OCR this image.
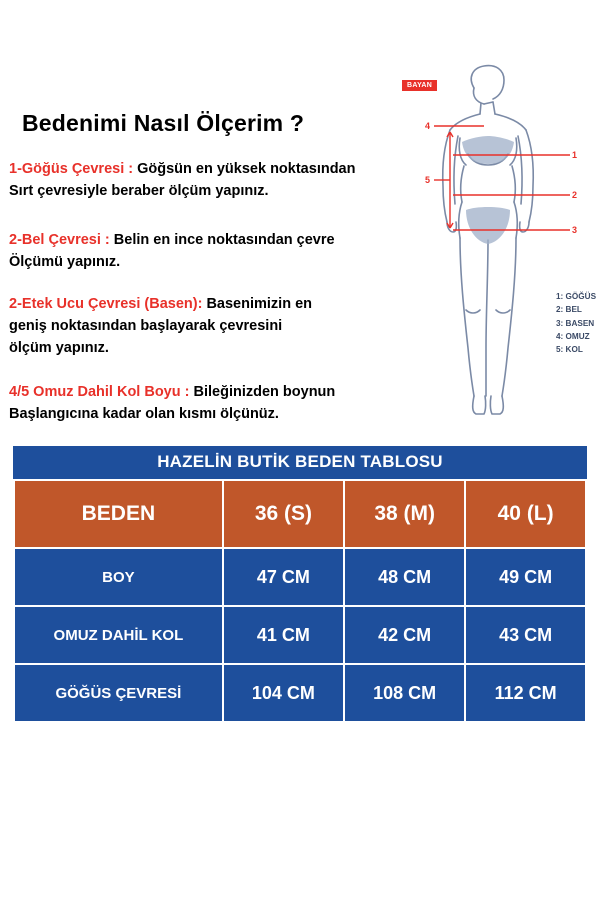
Bedenimi Nasıl Ölçerim ?
1-Göğüs Çevresi : Göğsün en yüksek noktasından
Sırt çevresiyle beraber ölçüm yapınız.
2-Bel Çevresi : Belin en ince noktasından çevre
Ölçümü yapınız.
2-Etek Ucu Çevresi (Basen): Basenimizin en
geniş noktasından başlayarak çevresini
ölçüm yapınız.
4/5 Omuz Dahil Kol Boyu : Bileğinizden boynun
Başlangıcına kadar olan kısmı ölçünüz.
BAYAN
1
2
3
4
5
1: GÖĞÜS
2: BEL
3: BASEN
4: OMUZ
5: KOL
HAZELİN BUTİK BEDEN TABLOSU
BEDEN	36 (S)	38 (M)	40 (L)
BOY	47 CM	48 CM	49 CM
OMUZ DAHİL KOL	41 CM	42 CM	43 CM
GÖĞÜS ÇEVRESİ	104 CM	108 CM	112 CM
